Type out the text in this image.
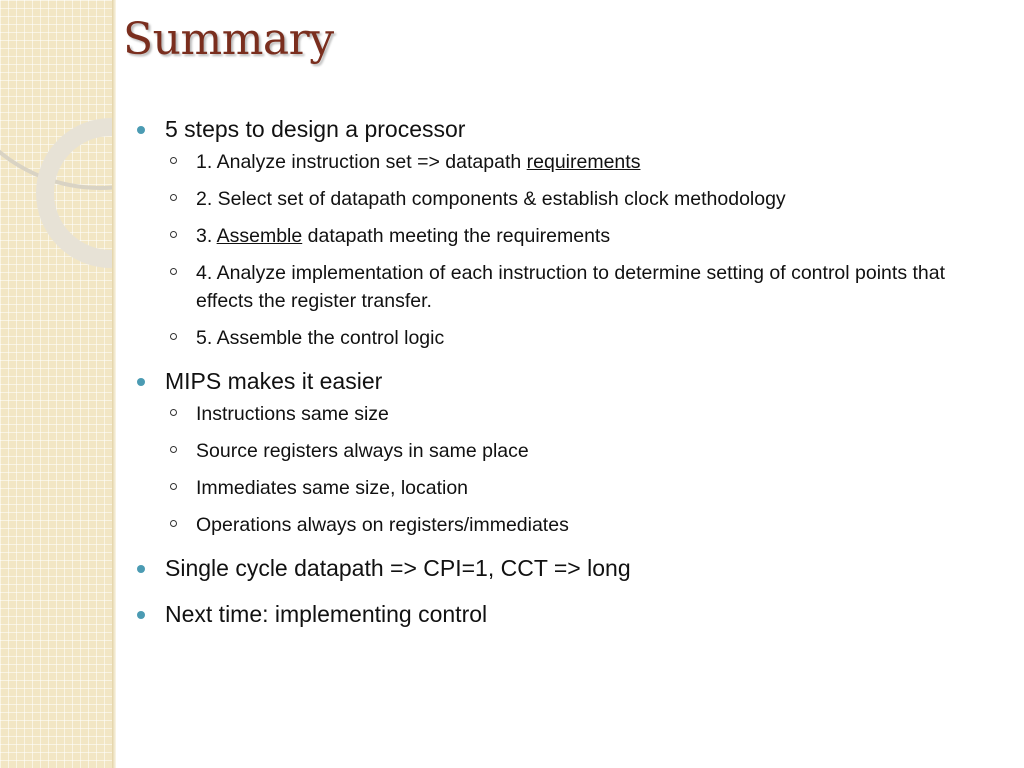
Summary
5 steps to design a processor
1. Analyze instruction set => datapath requirements
2. Select set of datapath components & establish clock methodology
3. Assemble datapath meeting the requirements
4. Analyze implementation of each instruction to determine setting of control points that effects the register transfer.
5. Assemble the control logic
MIPS makes it easier
Instructions same size
Source registers always in same place
Immediates same size, location
Operations always on registers/immediates
Single cycle datapath => CPI=1, CCT => long
Next time: implementing control
